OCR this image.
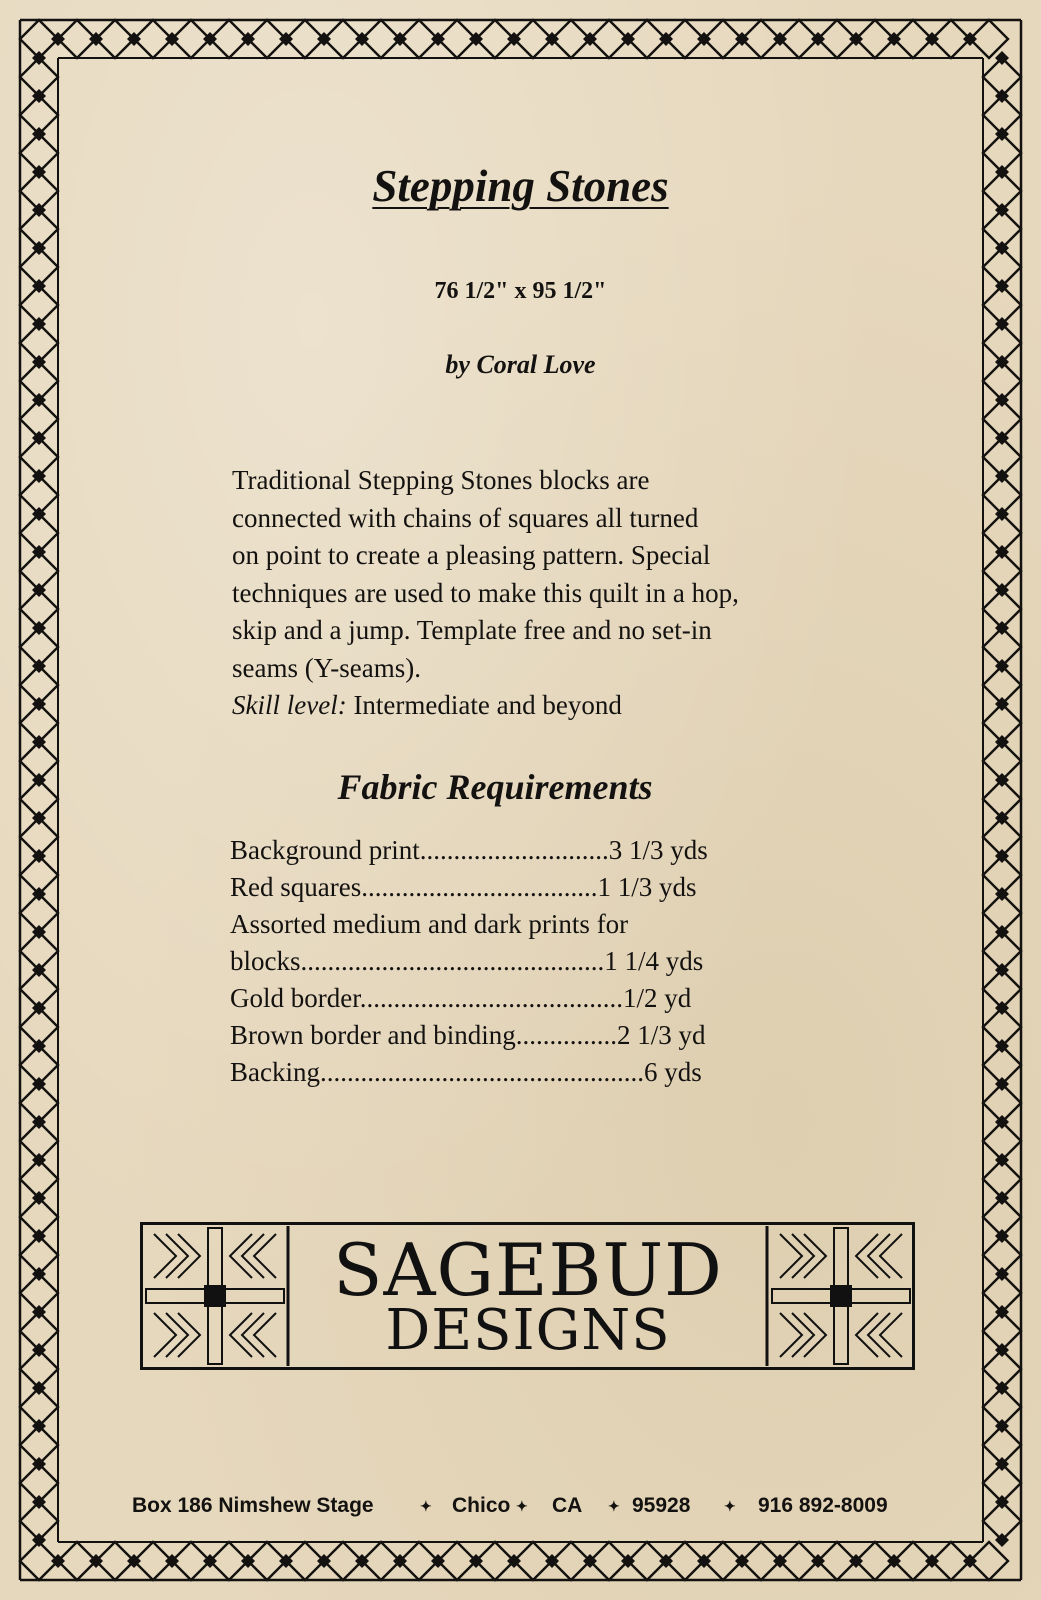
Stepping Stones
76 1/2" x 95 1/2"
by Coral Love
Traditional Stepping Stones blocks are
connected with chains of squares all turned
on point to create a pleasing pattern. Special
techniques are used to make this quilt in a hop,
skip and a jump. Template free and no set-in
seams (Y-seams).
Skill level: Intermediate and beyond
Fabric Requirements
Background print............................3 1/3 yds
Red squares...................................1 1/3 yds
Assorted medium and dark prints for
blocks.............................................1 1/4 yds
Gold border.......................................1/2 yd
Brown border and binding...............2 1/3 yd
Backing................................................6 yds
SAGEBUD
DESIGNS
Box 186 Nimshew Stage	✦ Chico ✦ CA ✦ 95928 ✦ 916 892-8009
